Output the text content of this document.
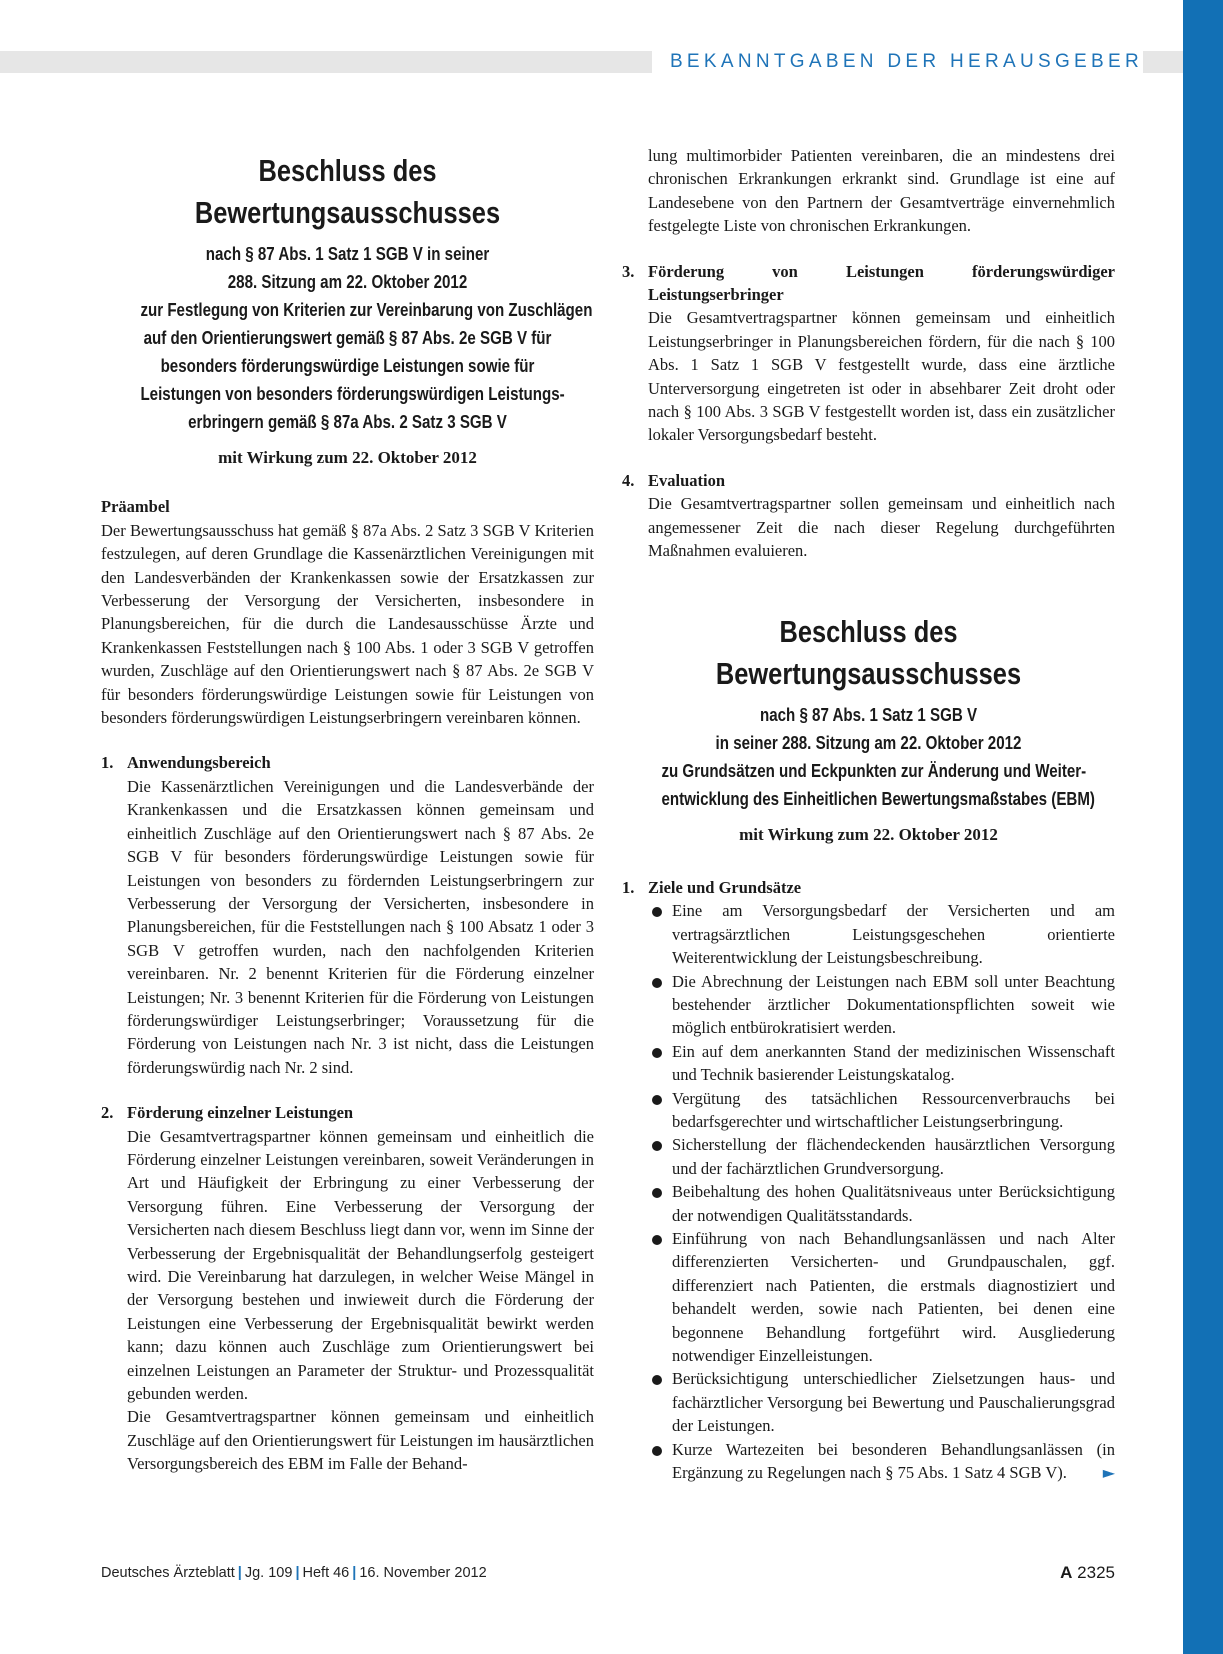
BEKANNTGABEN DER HERAUSGEBER
Beschluss des
Bewertungsausschusses
nach § 87 Abs. 1 Satz 1 SGB V in seiner
288. Sitzung am 22. Oktober 2012
zur Festlegung von Kriterien zur Vereinbarung von Zuschlägen
auf den Orientierungswert gemäß § 87 Abs. 2e SGB V für
besonders förderungswürdige Leistungen sowie für
Leistungen von besonders förderungswürdigen Leistungs-
erbringern gemäß § 87a Abs. 2 Satz 3 SGB V
mit Wirkung zum 22. Oktober 2012

Präambel

Der Bewertungsausschuss hat gemäß § 87a Abs. 2 Satz 3 SGB V Kriterien festzulegen, auf deren Grundlage die Kassenärztlichen Vereinigungen mit den Landesverbänden der Krankenkassen sowie der Ersatzkassen zur Verbesserung der Versorgung der Versicherten, insbesondere in Planungsbereichen, für die durch die Landesausschüsse Ärzte und Krankenkassen Feststellungen nach § 100 Abs. 1 oder 3 SGB V getroffen wurden, Zuschläge auf den Orientierungswert nach § 87 Abs. 2e SGB V für besonders förderungswürdige Leistungen sowie für Leistungen von besonders förderungswürdigen Leistungserbringern vereinbaren können.

1. Anwendungsbereich

Die Kassenärztlichen Vereinigungen und die Landesverbände der Krankenkassen und die Ersatzkassen können gemeinsam und einheitlich Zuschläge auf den Orientierungswert nach § 87 Abs. 2e SGB V für besonders förderungswürdige Leistungen sowie für Leistungen von besonders zu fördernden Leistungserbringern zur Verbesserung der Versorgung der Versicherten, insbesondere in Planungsbereichen, für die Feststellungen nach § 100 Absatz 1 oder 3 SGB V getroffen wurden, nach den nachfolgenden Kriterien vereinbaren. Nr. 2 benennt Kriterien für die Förderung einzelner Leistungen; Nr. 3 benennt Kriterien für die Förderung von Leistungen förderungswürdiger Leistungserbringer; Voraussetzung für die Förderung von Leistungen nach Nr. 3 ist nicht, dass die Leistungen förderungswürdig nach Nr. 2 sind.

2. Förderung einzelner Leistungen

Die Gesamtvertragspartner können gemeinsam und einheitlich die Förderung einzelner Leistungen vereinbaren, soweit Veränderungen in Art und Häufigkeit der Erbringung zu einer Verbesserung der Versorgung führen. Eine Verbesserung der Versorgung der Versicherten nach diesem Beschluss liegt dann vor, wenn im Sinne der Verbesserung der Ergebnisqualität der Behandlungserfolg gesteigert wird. Die Vereinbarung hat darzulegen, in welcher Weise Mängel in der Versorgung bestehen und inwieweit durch die Förderung der Leistungen eine Verbesserung der Ergebnisqualität bewirkt werden kann; dazu können auch Zuschläge zum Orientierungswert bei einzelnen Leistungen an Parameter der Struktur- und Prozessqualität gebunden werden.

Die Gesamtvertragspartner können gemeinsam und einheitlich Zuschläge auf den Orientierungswert für Leistungen im hausärztlichen Versorgungsbereich des EBM im Falle der Behand-

lung multimorbider Patienten vereinbaren, die an mindestens drei chronischen Erkrankungen erkrankt sind. Grundlage ist eine auf Landesebene von den Partnern der Gesamtverträge einvernehmlich festgelegte Liste von chronischen Erkrankungen.

3. Förderung von Leistungen förderungswürdiger Leistungserbringer

Die Gesamtvertragspartner können gemeinsam und einheitlich Leistungserbringer in Planungsbereichen fördern, für die nach § 100 Abs. 1 Satz 1 SGB V festgestellt wurde, dass eine ärztliche Unterversorgung eingetreten ist oder in absehbarer Zeit droht oder nach § 100 Abs. 3 SGB V festgestellt worden ist, dass ein zusätzlicher lokaler Versorgungsbedarf besteht.

4. Evaluation

Die Gesamtvertragspartner sollen gemeinsam und einheitlich nach angemessener Zeit die nach dieser Regelung durchgeführten Maßnahmen evaluieren.

Beschluss des
Bewertungsausschusses
nach § 87 Abs. 1 Satz 1 SGB V
in seiner 288. Sitzung am 22. Oktober 2012
zu Grundsätzen und Eckpunkten zur Änderung und Weiter-
entwicklung des Einheitlichen Bewertungsmaßstabes (EBM)
mit Wirkung zum 22. Oktober 2012
1. Ziele und Grundsätze
Eine am Versorgungsbedarf der Versicherten und am vertragsärztlichen Leistungsgeschehen orientierte Weiterentwicklung der Leistungsbeschreibung.
Die Abrechnung der Leistungen nach EBM soll unter Beachtung bestehender ärztlicher Dokumentationspflichten soweit wie möglich entbürokratisiert werden.
Ein auf dem anerkannten Stand der medizinischen Wissenschaft und Technik basierender Leistungskatalog.
Vergütung des tatsächlichen Ressourcenverbrauchs bei bedarfsgerechter und wirtschaftlicher Leistungserbringung.
Sicherstellung der flächendeckenden hausärztlichen Versorgung und der fachärztlichen Grundversorgung.
Beibehaltung des hohen Qualitätsniveaus unter Berücksichtigung der notwendigen Qualitätsstandards.
Einführung von nach Behandlungsanlässen und nach Alter differenzierten Versicherten- und Grundpauschalen, ggf. differenziert nach Patienten, die erstmals diagnostiziert und behandelt werden, sowie nach Patienten, bei denen eine begonnene Behandlung fortgeführt wird. Ausgliederung notwendiger Einzelleistungen.
Berücksichtigung unterschiedlicher Zielsetzungen haus- und fachärztlicher Versorgung bei Bewertung und Pauschalierungsgrad der Leistungen.
Kurze Wartezeiten bei besonderen Behandlungsanlässen (in Ergänzung zu Regelungen nach § 75 Abs. 1 Satz 4 SGB V). ►
Deutsches Ärzteblatt | Jg. 109 | Heft 46 | 16. November 2012	A 2325
